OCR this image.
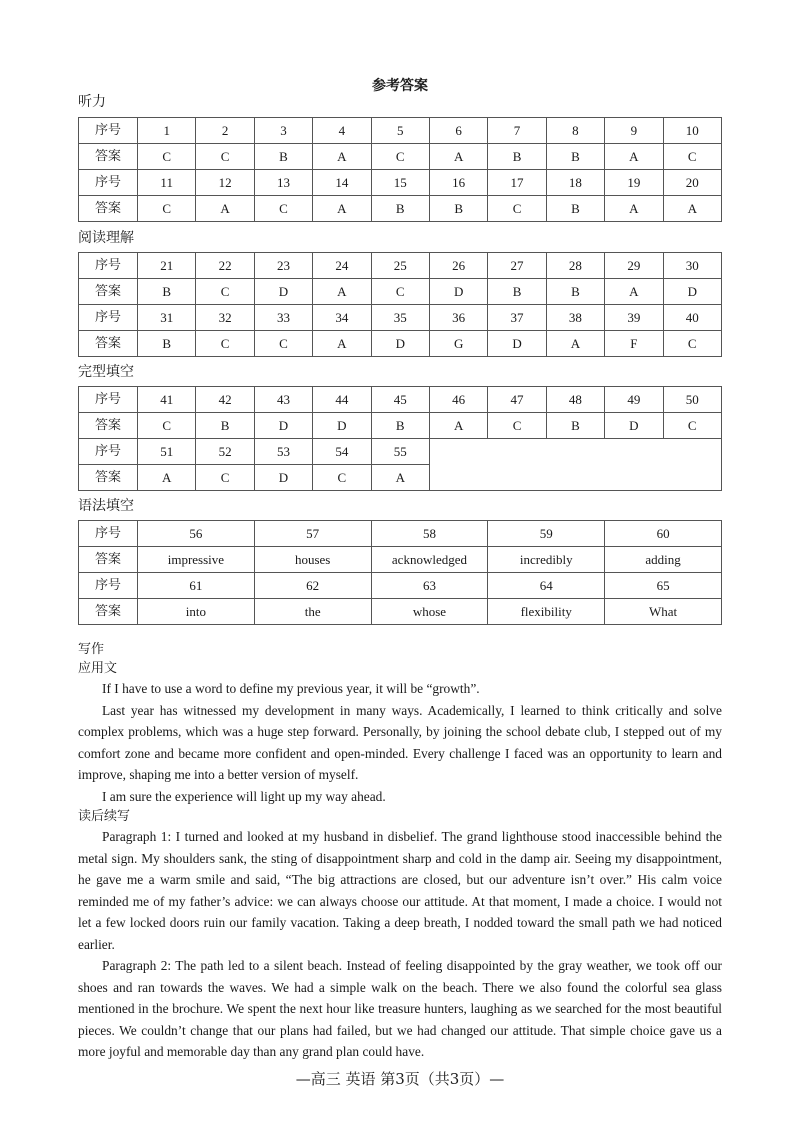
参考答案
听力
序号	1	2	3	4	5	6	7	8	9	10
答案	C	C	B	A	C	A	B	B	A	C
序号	11	12	13	14	15	16	17	18	19	20
答案	C	A	C	A	B	B	C	B	A	A
阅读理解
序号	21	22	23	24	25	26	27	28	29	30
答案	B	C	D	A	C	D	B	B	A	D
序号	31	32	33	34	35	36	37	38	39	40
答案	B	C	C	A	D	G	D	A	F	C
完型填空
序号	41	42	43	44	45	46	47	48	49	50
答案	C	B	D	D	B	A	C	B	D	C
序号	51	52	53	54	55					
答案	A	C	D	C	A					
语法填空
序号	56	57	58	59	60
答案	impressive	houses	acknowledged	incredibly	adding
序号	61	62	63	64	65
答案	into	the	whose	flexibility	What
写作
应用文

If I have to use a word to define my previous year, it will be “growth”.

Last year has witnessed my development in many ways. Academically, I learned to think critically and solve complex problems, which was a huge step forward. Personally, by joining the school debate club, I stepped out of my comfort zone and became more confident and open-minded. Every challenge I faced was an opportunity to learn and improve, shaping me into a better version of myself.

I am sure the experience will light up my way ahead.

读后续写

Paragraph 1: I turned and looked at my husband in disbelief. The grand lighthouse stood inaccessible behind the metal sign. My shoulders sank, the sting of disappointment sharp and cold in the damp air. Seeing my disappointment, he gave me a warm smile and said, “The big attractions are closed, but our adventure isn’t over.” His calm voice reminded me of my father’s advice: we can always choose our attitude. At that moment, I made a choice. I would not let a few locked doors ruin our family vacation. Taking a deep breath, I nodded toward the small path we had noticed earlier.

Paragraph 2: The path led to a silent beach. Instead of feeling disappointed by the gray weather, we took off our shoes and ran towards the waves. We had a simple walk on the beach. There we also found the colorful sea glass mentioned in the brochure. We spent the next hour like treasure hunters, laughing as we searched for the most beautiful pieces. We couldn’t change that our plans had failed, but we had changed our attitude. That simple choice gave us a more joyful and memorable day than any grand plan could have.

—高三 英语 第3页（共3页）—
